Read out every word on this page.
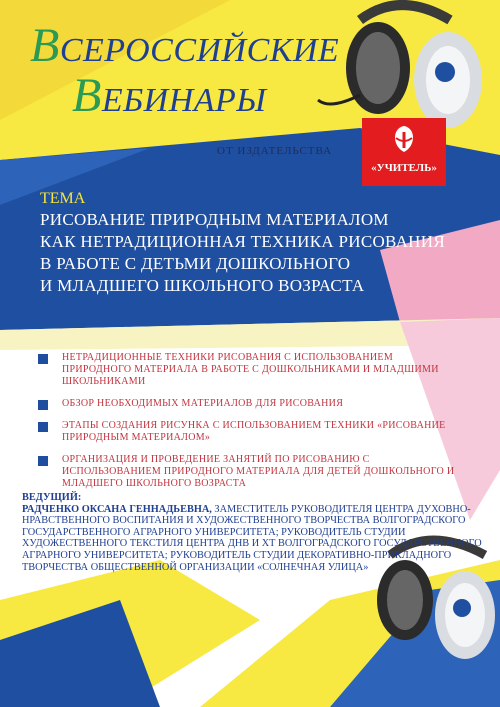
ВСЕРОССИЙСКИЕ
ВЕБИНАРЫ
ОТ ИЗДАТЕЛЬСТВА
«УЧИТЕЛЬ»
ТЕМА
РИСОВАНИЕ ПРИРОДНЫМ МАТЕРИАЛОМ
КАК НЕТРАДИЦИОННАЯ ТЕХНИКА РИСОВАНИЯ
В РАБОТЕ С ДЕТЬМИ ДОШКОЛЬНОГО
И МЛАДШЕГО ШКОЛЬНОГО ВОЗРАСТА
НЕТРАДИЦИОННЫЕ ТЕХНИКИ РИСОВАНИЯ С ИСПОЛЬЗОВАНИЕМ ПРИРОДНОГО МАТЕРИАЛА В РАБОТЕ С ДОШКОЛЬНИКАМИ И МЛАДШИМИ ШКОЛЬНИКАМИ
ОБЗОР НЕОБХОДИМЫХ МАТЕРИАЛОВ ДЛЯ РИСОВАНИЯ
ЭТАПЫ СОЗДАНИЯ РИСУНКА С ИСПОЛЬЗОВАНИЕМ ТЕХНИКИ «РИСОВАНИЕ ПРИРОДНЫМ МАТЕРИАЛОМ»
ОРГАНИЗАЦИЯ И ПРОВЕДЕНИЕ ЗАНЯТИЙ ПО РИСОВАНИЮ С ИСПОЛЬЗОВАНИЕМ ПРИРОДНОГО МАТЕРИАЛА ДЛЯ ДЕТЕЙ ДОШКОЛЬНОГО И МЛАДШЕГО ШКОЛЬНОГО ВОЗРАСТА
ВЕДУЩИЙ:
РАДЧЕНКО ОКСАНА ГЕННАДЬЕВНА, ЗАМЕСТИТЕЛЬ РУКОВОДИТЕЛЯ ЦЕНТРА ДУХОВНО-НРАВСТВЕННОГО ВОСПИТАНИЯ И ХУДОЖЕСТВЕННОГО ТВОРЧЕСТВА ВОЛГОГРАДСКОГО ГОСУДАРСТВЕННОГО АГРАРНОГО УНИВЕРСИТЕТА; РУКОВОДИТЕЛЬ СТУДИИ ХУДОЖЕСТВЕННОГО ТЕКСТИЛЯ ЦЕНТРА ДНВ И ХТ ВОЛГОГРАДСКОГО ГОСУДАРСТВЕННОГО АГРАРНОГО УНИВЕРСИТЕТА; РУКОВОДИТЕЛЬ СТУДИИ ДЕКОРАТИВНО-ПРИКЛАДНОГО ТВОРЧЕСТВА ОБЩЕСТВЕННОЙ ОРГАНИЗАЦИИ «СОЛНЕЧНАЯ УЛИЦА»
